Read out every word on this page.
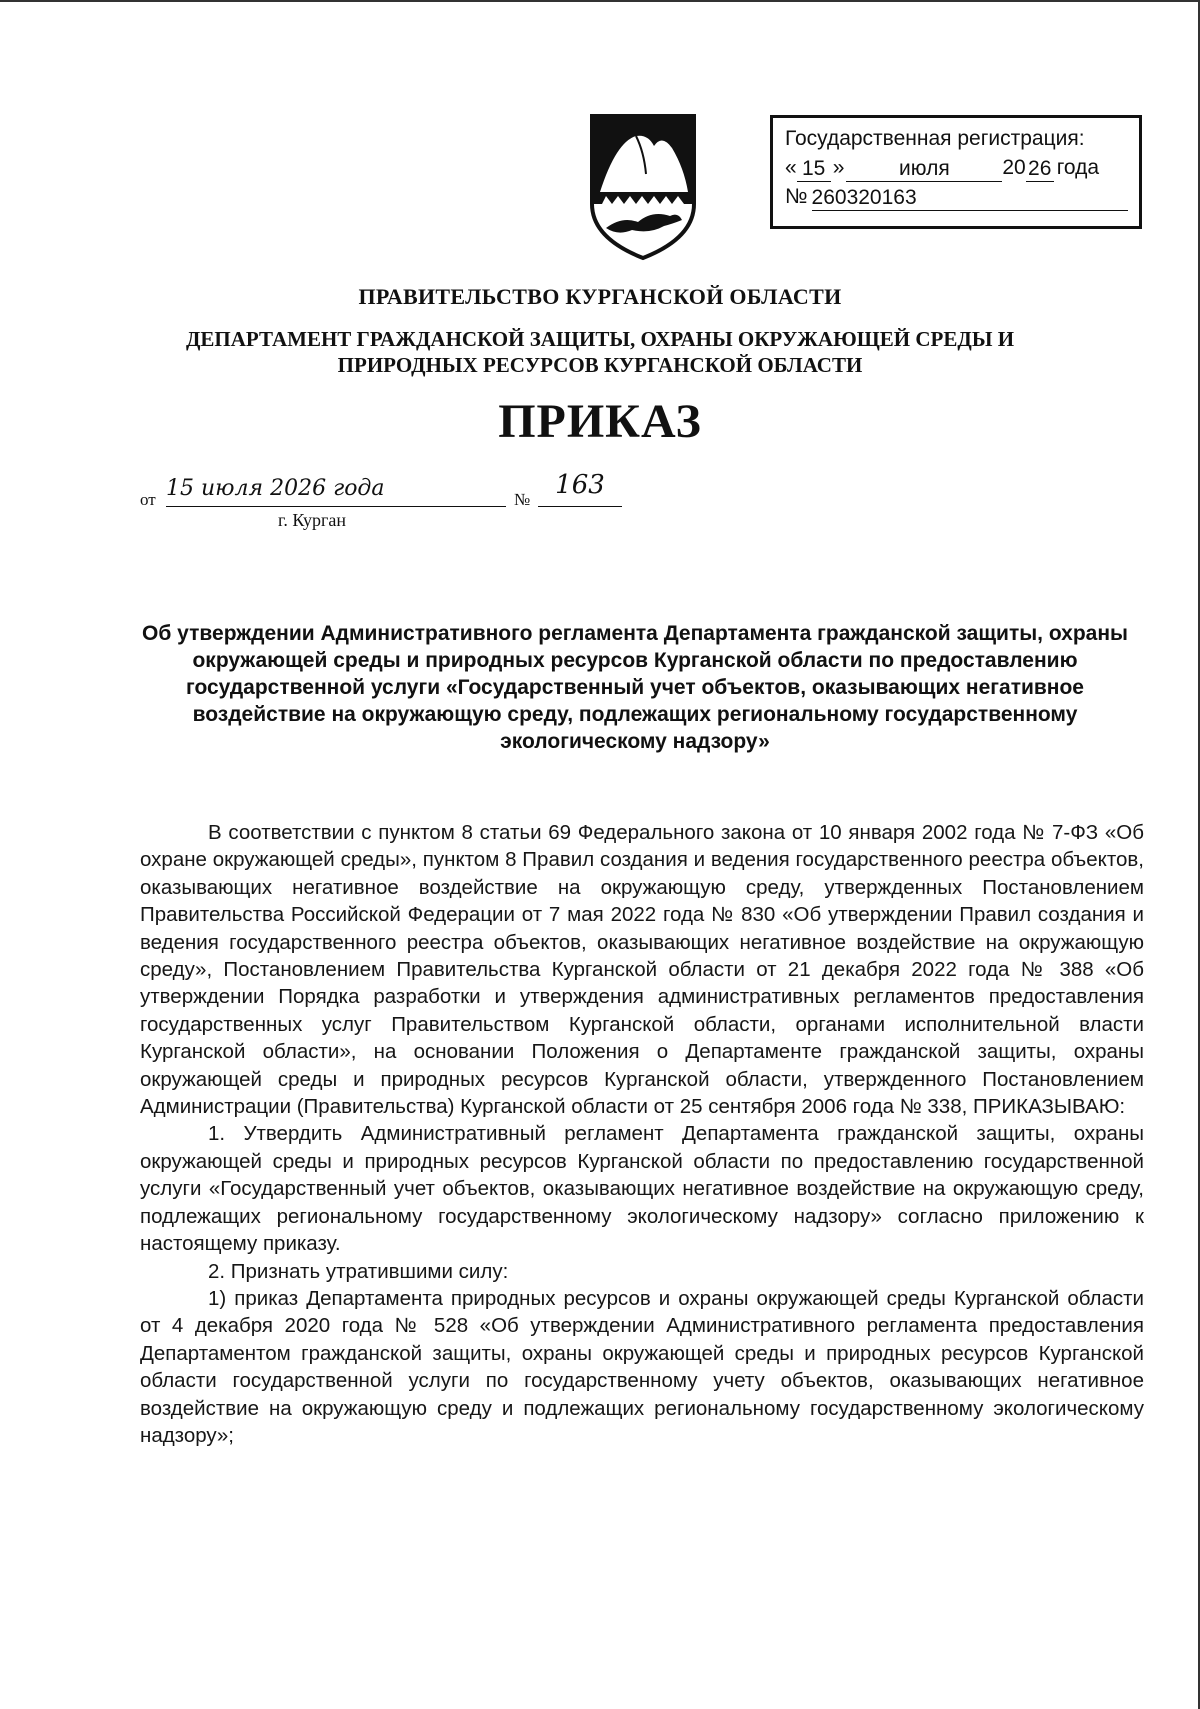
Государственная регистрация:
« 15 »	июля	20 26 года
№ 260320163
ПРАВИТЕЛЬСТВО КУРГАНСКОЙ ОБЛАСТИ
ДЕПАРТАМЕНТ ГРАЖДАНСКОЙ ЗАЩИТЫ, ОХРАНЫ ОКРУЖАЮЩЕЙ СРЕДЫ И
ПРИРОДНЫХ РЕСУРСОВ КУРГАНСКОЙ ОБЛАСТИ
ПРИКАЗ
от 15 июля 2026 года	№ 163
г. Курган
Об утверждении Административного регламента Департамента гражданской защиты, охраны окружающей среды и природных ресурсов Курганской области по предоставлению государственной услуги «Государственный учет объектов, оказывающих негативное воздействие на окружающую среду, подлежащих региональному государственному экологическому надзору»

В соответствии с пунктом 8 статьи 69 Федерального закона от 10 января 2002 года № 7-ФЗ «Об охране окружающей среды», пунктом 8 Правил создания и ведения государственного реестра объектов, оказывающих негативное воздействие на окружающую среду, утвержденных Постановлением Правительства Российской Федерации от 7 мая 2022 года № 830 «Об утверждении Правил создания и ведения государственного реестра объектов, оказывающих негативное воздействие на окружающую среду», Постановлением Правительства Курганской области от 21 декабря 2022 года № 388 «Об утверждении Порядка разработки и утверждения административных регламентов предоставления государственных услуг Правительством Курганской области, органами исполнительной власти Курганской области», на основании Положения о Департаменте гражданской защиты, охраны окружающей среды и природных ресурсов Курганской области, утвержденного Постановлением Администрации (Правительства) Курганской области от 25 сентября 2006 года № 338, ПРИКАЗЫВАЮ:

1. Утвердить Административный регламент Департамента гражданской защиты, охраны окружающей среды и природных ресурсов Курганской области по предоставлению государственной услуги «Государственный учет объектов, оказывающих негативное воздействие на окружающую среду, подлежащих региональному государственному экологическому надзору» согласно приложению к настоящему приказу.

2. Признать утратившими силу:

1) приказ Департамента природных ресурсов и охраны окружающей среды Курганской области от 4 декабря 2020 года № 528 «Об утверждении Административного регламента предоставления Департаментом гражданской защиты, охраны окружающей среды и природных ресурсов Курганской области государственной услуги по государственному учету объектов, оказывающих негативное воздействие на окружающую среду и подлежащих региональному государственному экологическому надзору»;
